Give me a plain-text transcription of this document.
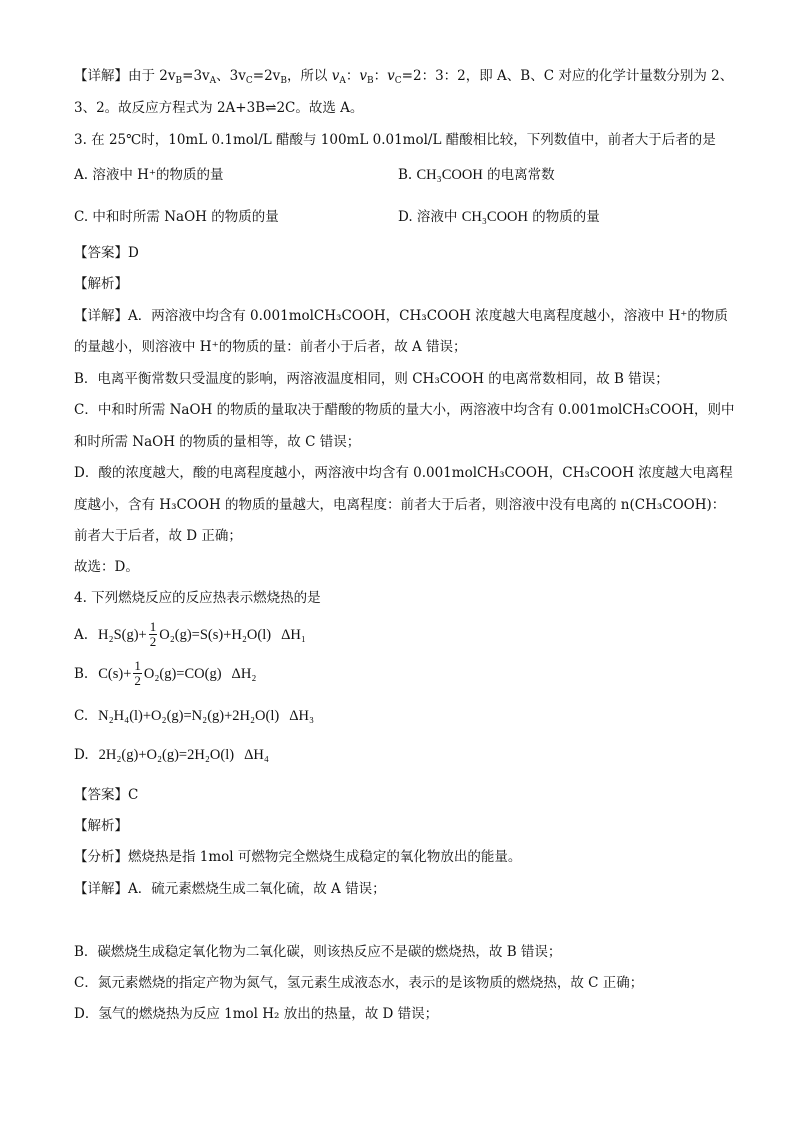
【详解】由于 $2v_B=3v_A$、$3v_C=2v_B$，所以 $v_A$：$v_B$：$v_C=2$：3：2，即 A、B、C 对应的化学计量数分别为 2、
3、2。故反应方程式为 2A+3B⇌2C。故选 A。
3. 在 25℃时，10mL 0.1mol/L 醋酸与 100mL 0.01mol/L 醋酸相比较，下列数值中，前者大于后者的是
A. 溶液中 H⁺的物质的量	B. CH₃COOH 的电离常数
C. 中和时所需 NaOH 的物质的量	D. 溶液中 CH₃COOH 的物质的量
【答案】D
【解析】
【详解】A．两溶液中均含有 0.001molCH₃COOH，CH₃COOH 浓度越大电离程度越小，溶液中 H⁺的物质
的量越小，则溶液中 H⁺的物质的量：前者小于后者，故 A 错误；
B．电离平衡常数只受温度的影响，两溶液温度相同，则 CH₃COOH 的电离常数相同，故 B 错误；
C．中和时所需 NaOH 的物质的量取决于醋酸的物质的量大小，两溶液中均含有 0.001molCH₃COOH，则中
和时所需 NaOH 的物质的量相等，故 C 错误；
D．酸的浓度越大，酸的电离程度越小，两溶液中均含有 0.001molCH₃COOH，CH₃COOH 浓度越大电离程
度越小，含有 H₃COOH 的物质的量越大，电离程度：前者大于后者，则溶液中没有电离的 n(CH₃COOH)：
前者大于后者，故 D 正确；
故选：D。
4. 下列燃烧反应的反应热表示燃烧热的是
A. $H_2S(g)+ \frac{1}{2} O_2(g)=S(s)+H_2O(l)$ ΔH₁
B. $C(s)+ \frac{1}{2} O_2(g)=CO(g)$ ΔH₂
C. N₂H₄(l)+O₂(g)=N₂(g)+2H₂O(l) ΔH₃
D. 2H₂(g)+O₂(g)=2H₂O(l) ΔH₄
【答案】C
【解析】
【分析】燃烧热是指 1mol 可燃物完全燃烧生成稳定的氧化物放出的能量。
【详解】A．硫元素燃烧生成二氧化硫，故 A 错误；
B．碳燃烧生成稳定氧化物为二氧化碳，则该热反应不是碳的燃烧热，故 B 错误；
C．氮元素燃烧的指定产物为氮气，氢元素生成液态水，表示的是该物质的燃烧热，故 C 正确；
D．氢气的燃烧热为反应 1mol H₂ 放出的热量，故 D 错误；
